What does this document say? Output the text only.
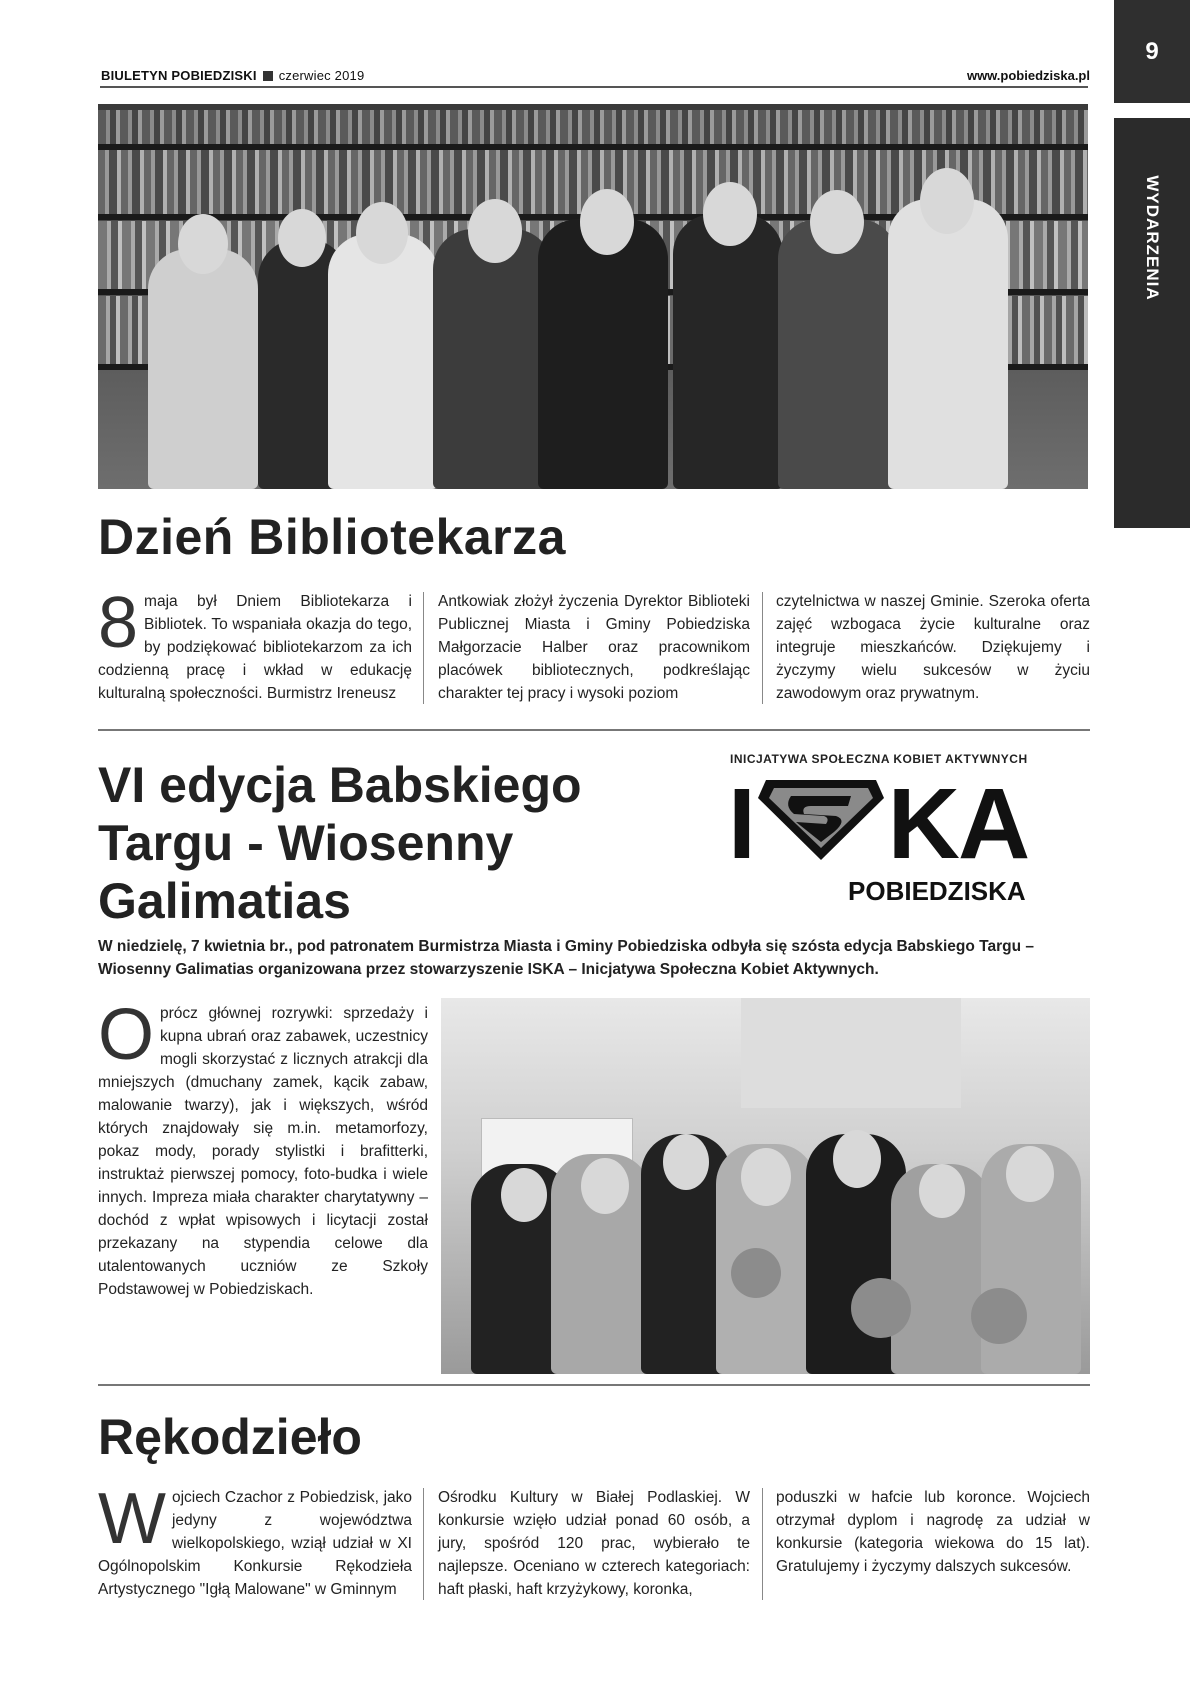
BIULETYN POBIEDZISKI czerwiec 2019	www.pobiedziska.pl
9
WYDARZENIA
Dzień Bibliotekarza
8 maja był Dniem Bibliotekarza i Bibliotek. To wspaniała okazja do tego, by podziękować bibliotekarzom za ich codzienną pracę i wkład w edukację kulturalną społeczności. Burmistrz Ireneusz

Antkowiak złożył życzenia Dyrektor Biblioteki Publicznej Miasta i Gminy Pobiedziska Małgorzacie Halber oraz pracownikom placówek bibliotecznych, podkreślając charakter tej pracy i wysoki poziom

czytelnictwa w naszej Gminie. Szeroka oferta zajęć wzbogaca życie kulturalne oraz integruje mieszkańców. Dziękujemy i życzymy wielu sukcesów w życiu zawodowym oraz prywatnym.

VI edycja Babskiego Targu - Wiosenny Galimatias
INICJATYWA SPOŁECZNA KOBIET AKTYWNYCH
I KA
POBIEDZISKA
W niedzielę, 7 kwietnia br., pod patronatem Burmistrza Miasta i Gminy Pobiedziska odbyła się szósta edycja Babskiego Targu – Wiosenny Galimatias organizowana przez stowarzyszenie ISKA – Inicjatywa Społeczna Kobiet Aktywnych.
O prócz głównej rozrywki: sprzedaży i kupna ubrań oraz zabawek, uczestnicy mogli skorzystać z licznych atrakcji dla mniejszych (dmuchany zamek, kącik zabaw, malowanie twarzy), jak i większych, wśród których znajdowały się m.in. metamorfozy, pokaz mody, porady stylistki i brafitterki, instruktaż pierwszej pomocy, foto-budka i wiele innych. Impreza miała charakter charytatywny – dochód z wpłat wpisowych i licytacji został przekazany na stypendia celowe dla utalentowanych uczniów ze Szkoły Podstawowej w Pobiedziskach.

Rękodzieło
W ojciech Czachor z Pobiedzisk, jako jedyny z województwa wielkopolskiego, wziął udział w XI Ogólnopolskim Konkursie Rękodzieła Artystycznego "Igłą Malowane" w Gminnym

Ośrodku Kultury w Białej Podlaskiej. W konkursie wzięło udział ponad 60 osób, a jury, spośród 120 prac, wybierało te najlepsze. Oceniano w czterech kategoriach: haft płaski, haft krzyżykowy, koronka,

poduszki w hafcie lub koronce. Wojciech otrzymał dyplom i nagrodę za udział w konkursie (kategoria wiekowa do 15 lat). Gratulujemy i życzymy dalszych sukcesów.
